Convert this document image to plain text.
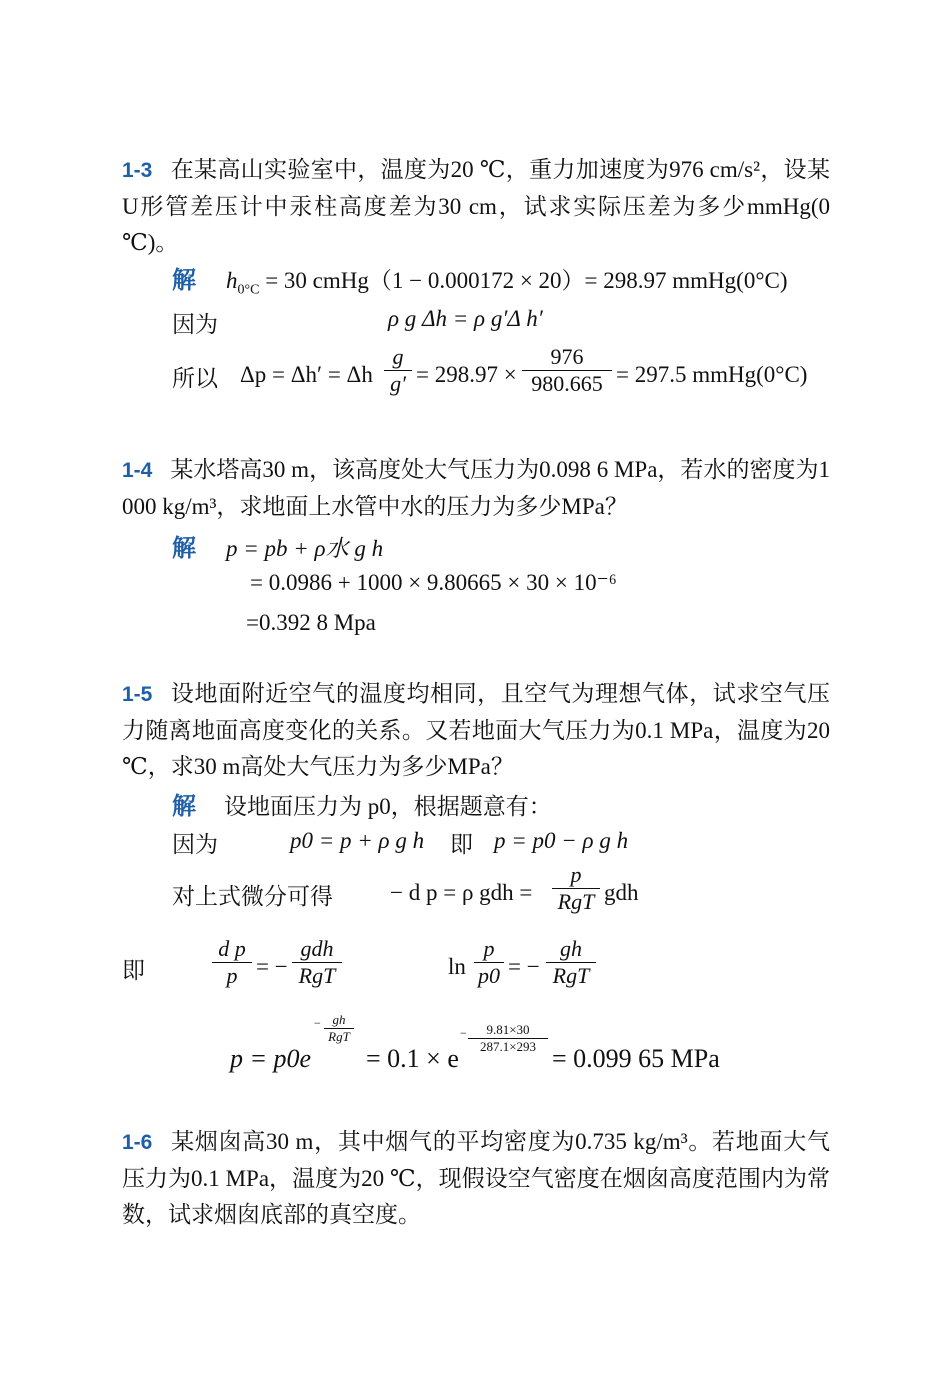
1-3 在某高山实验室中，温度为20 ℃，重力加速度为976 cm/s²，设某U形管差压计中汞柱高度差为30 cm，试求实际压差为多少mmHg(0 ℃)。
解 $h_{0^\circ C} = 30$ cmHg（1 − 0.000172 × 20）= 298.97 mmHg(0°C)
因为	ρ g Δh = ρ g′Δ h′
所以 Δp = Δh′ = Δh $\frac{g}{g'} = 298.97 \times \frac{976}{980.665} = 297.5$ mmHg(0°C)
1-4 某水塔高30 m，该高度处大气压力为0.098 6 MPa，若水的密度为1 000 kg/m³，求地面上水管中水的压力为多少MPa？
解 p = pb + ρ水 g h
= 0.0986 + 1000 × 9.80665 × 30 × 10⁻⁶
=0.392 8 Mpa
1-5 设地面附近空气的温度均相同，且空气为理想气体，试求空气压力随离地面高度变化的关系。又若地面大气压力为0.1 MPa，温度为20 ℃，求30 m高处大气压力为多少MPa？
解 设地面压力为 p0，根据题意有：
因为	p0 = p + ρ g h 即 p = p0 − ρ g h
对上式微分可得 − d p = ρ gdh =
p
RgT gdh
即	$\frac{\text{d p}}{p}$ = −
gdh
RgT	$\ln \frac{p}{p0}$ = −
gh
RgT
p = p0e
− gh
RgT
= 0.1 × e
− $\frac{9.81\times 30}{287.1\times 293}$
= 0.099 65 MPa
1-6 某烟囱高30 m，其中烟气的平均密度为0.735 kg/m³。若地面大气压力为0.1 MPa，温度为20 ℃，现假设空气密度在烟囱高度范围内为常数，试求烟囱底部的真空度。
